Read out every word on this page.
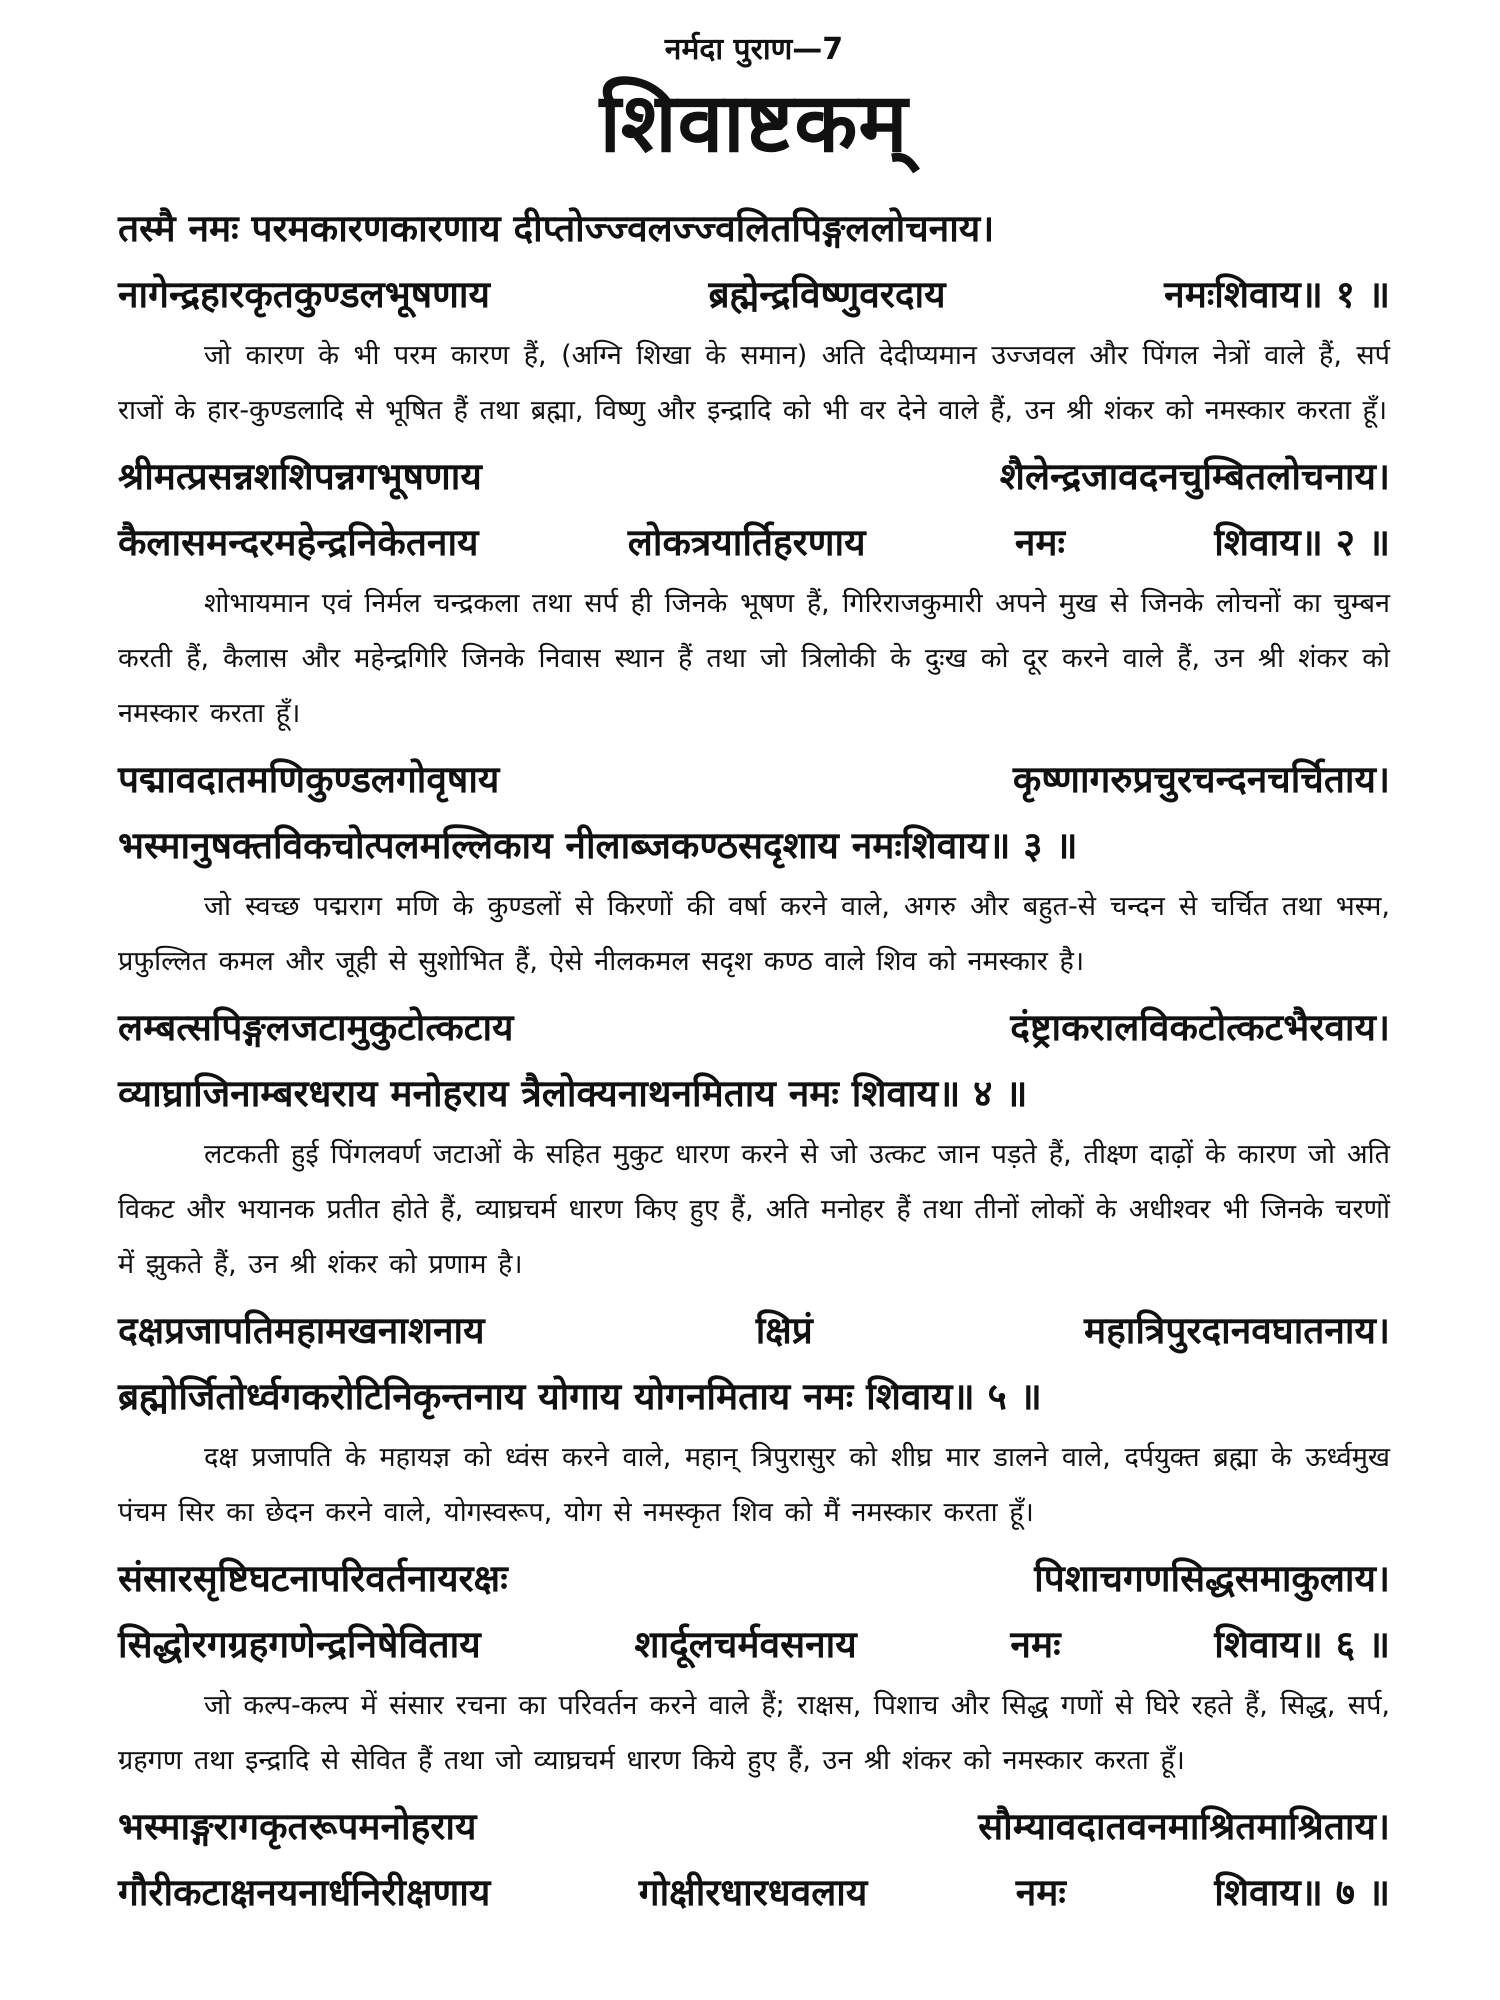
नर्मदा पुराण—7
शिवाष्टकम्
तस्मै नमः परमकारणकारणाय दीप्तोज्ज्वलज्ज्वलितपिङ्गललोचनाय।
नागेन्द्रहारकृतकुण्डलभूषणाय	ब्रह्मेन्द्रविष्णुवरदाय	नमःशिवाय॥ १ ॥

जो कारण के भी परम कारण हैं, (अग्नि शिखा के समान) अति देदीप्यमान उज्जवल और पिंगल नेत्रों वाले हैं, सर्प राजों के हार-कुण्डलादि से भूषित हैं तथा ब्रह्मा, विष्णु और इन्द्रादि को भी वर देने वाले हैं, उन श्री शंकर को नमस्कार करता हूँ।

श्रीमत्प्रसन्नशशिपन्नगभूषणाय	शैलेन्द्रजावदनचुम्बितलोचनाय।
कैलासमन्दरमहेन्द्रनिकेतनाय	लोकत्रयार्तिहरणाय	नमः	शिवाय॥ २ ॥

शोभायमान एवं निर्मल चन्द्रकला तथा सर्प ही जिनके भूषण हैं, गिरिराजकुमारी अपने मुख से जिनके लोचनों का चुम्बन करती हैं, कैलास और महेन्द्रगिरि जिनके निवास स्थान हैं तथा जो त्रिलोकी के दुःख को दूर करने वाले हैं, उन श्री शंकर को नमस्कार करता हूँ।

पद्मावदातमणिकुण्डलगोवृषाय	कृष्णागरुप्रचुरचन्दनचर्चिताय।
भस्मानुषक्तविकचोत्पलमल्लिकाय नीलाब्जकण्ठसदृशाय नमःशिवाय॥ ३ ॥

जो स्वच्छ पद्मराग मणि के कुण्डलों से किरणों की वर्षा करने वाले, अगरु और बहुत-से चन्दन से चर्चित तथा भस्म, प्रफुल्लित कमल और जूही से सुशोभित हैं, ऐसे नीलकमल सदृश कण्ठ वाले शिव को नमस्कार है।

लम्बत्सपिङ्गलजटामुकुटोत्कटाय	दंष्ट्राकरालविकटोत्कटभैरवाय।
व्याघ्राजिनाम्बरधराय मनोहराय त्रैलोक्यनाथनमिताय नमः शिवाय॥ ४ ॥

लटकती हुई पिंगलवर्ण जटाओं के सहित मुकुट धारण करने से जो उत्कट जान पड़ते हैं, तीक्ष्ण दाढ़ों के कारण जो अति विकट और भयानक प्रतीत होते हैं, व्याघ्रचर्म धारण किए हुए हैं, अति मनोहर हैं तथा तीनों लोकों के अधीश्वर भी जिनके चरणों में झुकते हैं, उन श्री शंकर को प्रणाम है।

दक्षप्रजापतिमहामखनाशनाय	क्षिप्रं	महात्रिपुरदानवघातनाय।
ब्रह्मोर्जितोर्ध्वगकरोटिनिकृन्तनाय योगाय योगनमिताय नमः शिवाय॥ ५ ॥

दक्ष प्रजापति के महायज्ञ को ध्वंस करने वाले, महान् त्रिपुरासुर को शीघ्र मार डालने वाले, दर्पयुक्त ब्रह्मा के ऊर्ध्वमुख पंचम सिर का छेदन करने वाले, योगस्वरूप, योग से नमस्कृत शिव को मैं नमस्कार करता हूँ।

संसारसृष्टिघटनापरिवर्तनायरक्षः	पिशाचगणसिद्धसमाकुलाय।
सिद्धोरगग्रहगणेन्द्रनिषेविताय	शार्दूलचर्मवसनाय	नमः	शिवाय॥ ६ ॥

जो कल्प-कल्प में संसार रचना का परिवर्तन करने वाले हैं; राक्षस, पिशाच और सिद्ध गणों से घिरे रहते हैं, सिद्ध, सर्प, ग्रहगण तथा इन्द्रादि से सेवित हैं तथा जो व्याघ्रचर्म धारण किये हुए हैं, उन श्री शंकर को नमस्कार करता हूँ।

भस्माङ्गरागकृतरूपमनोहराय	सौम्यावदातवनमाश्रितमाश्रिताय।
गौरीकटाक्षनयनार्धनिरीक्षणाय	गोक्षीरधारधवलाय	नमः	शिवाय॥ ७ ॥
